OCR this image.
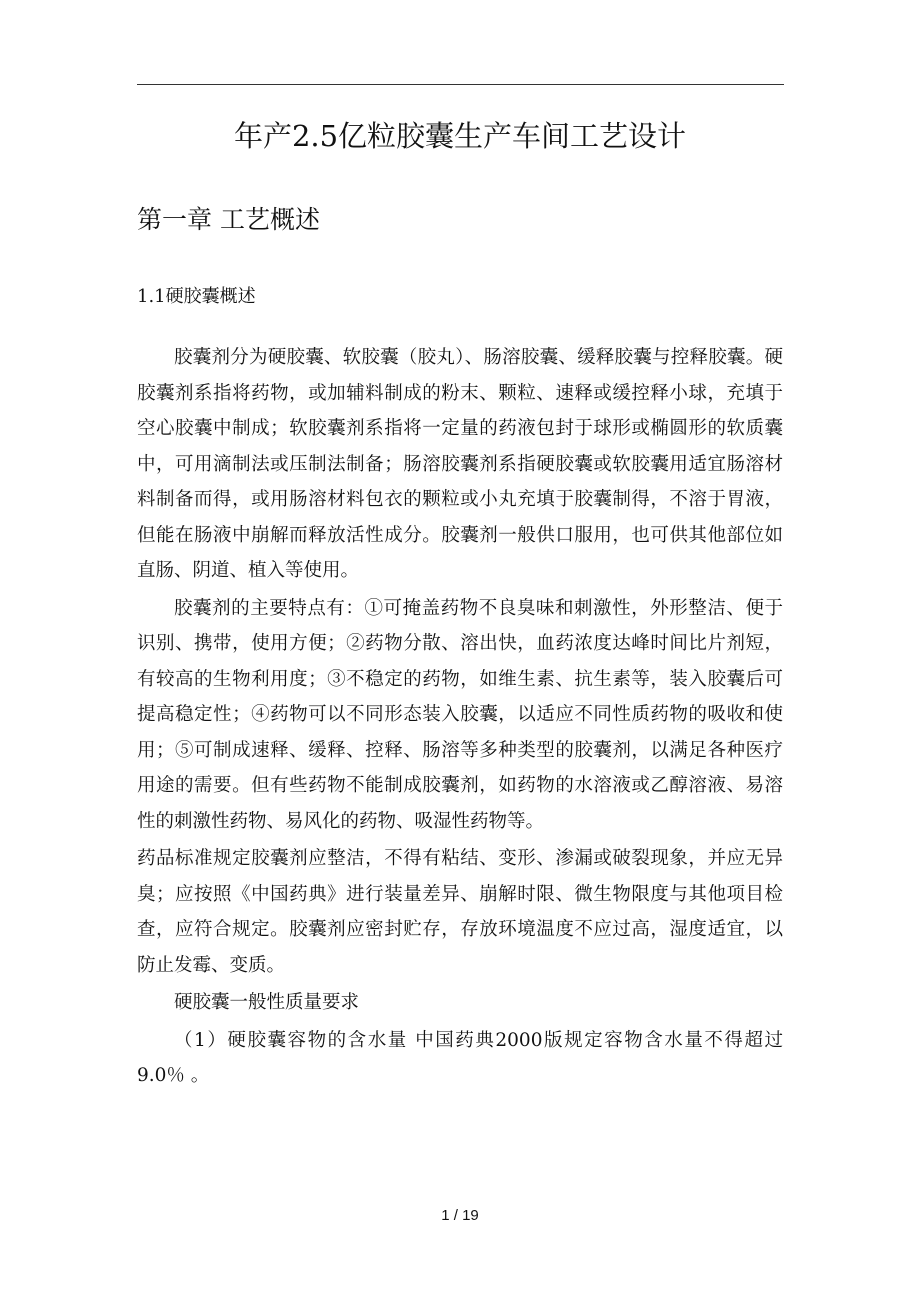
年产2.5亿粒胶囊生产车间工艺设计
第一章 工艺概述
1.1硬胶囊概述

胶囊剂分为硬胶囊、软胶囊（胶丸）、肠溶胶囊、缓释胶囊与控释胶囊。硬胶囊剂系指将药物，或加辅料制成的粉末、颗粒、速释或缓控释小球，充填于空心胶囊中制成；软胶囊剂系指将一定量的药液包封于球形或椭圆形的软质囊中，可用滴制法或压制法制备；肠溶胶囊剂系指硬胶囊或软胶囊用适宜肠溶材料制备而得，或用肠溶材料包衣的颗粒或小丸充填于胶囊制得，不溶于胃液，但能在肠液中崩解而释放活性成分。胶囊剂一般供口服用，也可供其他部位如直肠、阴道、植入等使用。

胶囊剂的主要特点有：①可掩盖药物不良臭味和刺激性，外形整洁、便于识别、携带，使用方便；②药物分散、溶出快，血药浓度达峰时间比片剂短，有较高的生物利用度；③不稳定的药物，如维生素、抗生素等，装入胶囊后可提高稳定性；④药物可以不同形态装入胶囊，以适应不同性质药物的吸收和使用；⑤可制成速释、缓释、控释、肠溶等多种类型的胶囊剂，以满足各种医疗用途的需要。但有些药物不能制成胶囊剂，如药物的水溶液或乙醇溶液、易溶性的刺激性药物、易风化的药物、吸湿性药物等。

药品标准规定胶囊剂应整洁，不得有粘结、变形、渗漏或破裂现象，并应无异臭；应按照《中国药典》进行装量差异、崩解时限、微生物限度与其他项目检查，应符合规定。胶囊剂应密封贮存，存放环境温度不应过高，湿度适宜，以防止发霉、变质。

硬胶囊一般性质量要求

（1）硬胶囊容物的含水量 中国药典2000版规定容物含水量不得超过9.0％ 。

1 / 19
